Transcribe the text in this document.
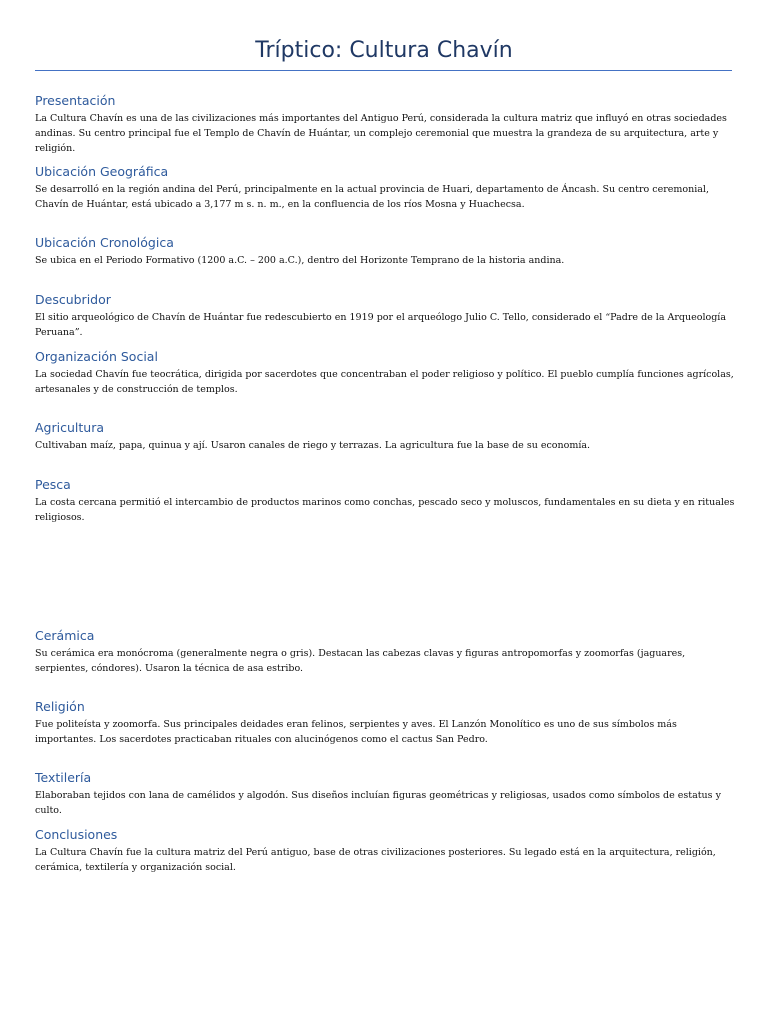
Tríptico: Cultura Chavín
Presentación

La Cultura Chavín es una de las civilizaciones más importantes del Antiguo Perú, considerada la cultura matriz que influyó en otras sociedades andinas. Su centro principal fue el Templo de Chavín de Huántar, un complejo ceremonial que muestra la grandeza de su arquitectura, arte y religión.

Ubicación Geográfica

Se desarrolló en la región andina del Perú, principalmente en la actual provincia de Huari, departamento de Áncash. Su centro ceremonial, Chavín de Huántar, está ubicado a 3,177 m s. n. m., en la confluencia de los ríos Mosna y Huachecsa.

Ubicación Cronológica

Se ubica en el Periodo Formativo (1200 a.C. – 200 a.C.), dentro del Horizonte Temprano de la historia andina.

Descubridor

El sitio arqueológico de Chavín de Huántar fue redescubierto en 1919 por el arqueólogo Julio C. Tello, considerado el “Padre de la Arqueología Peruana”.

Organización Social

La sociedad Chavín fue teocrática, dirigida por sacerdotes que concentraban el poder religioso y político. El pueblo cumplía funciones agrícolas, artesanales y de construcción de templos.

Agricultura

Cultivaban maíz, papa, quinua y ají. Usaron canales de riego y terrazas. La agricultura fue la base de su economía.

Pesca

La costa cercana permitió el intercambio de productos marinos como conchas, pescado seco y moluscos, fundamentales en su dieta y en rituales religiosos.

Cerámica

Su cerámica era monócroma (generalmente negra o gris). Destacan las cabezas clavas y figuras antropomorfas y zoomorfas (jaguares, serpientes, cóndores). Usaron la técnica de asa estribo.

Religión

Fue politeísta y zoomorfa. Sus principales deidades eran felinos, serpientes y aves. El Lanzón Monolítico es uno de sus símbolos más importantes. Los sacerdotes practicaban rituales con alucinógenos como el cactus San Pedro.

Textilería

Elaboraban tejidos con lana de camélidos y algodón. Sus diseños incluían figuras geométricas y religiosas, usados como símbolos de estatus y culto.

Conclusiones

La Cultura Chavín fue la cultura matriz del Perú antiguo, base de otras civilizaciones posteriores. Su legado está en la arquitectura, religión, cerámica, textilería y organización social.
